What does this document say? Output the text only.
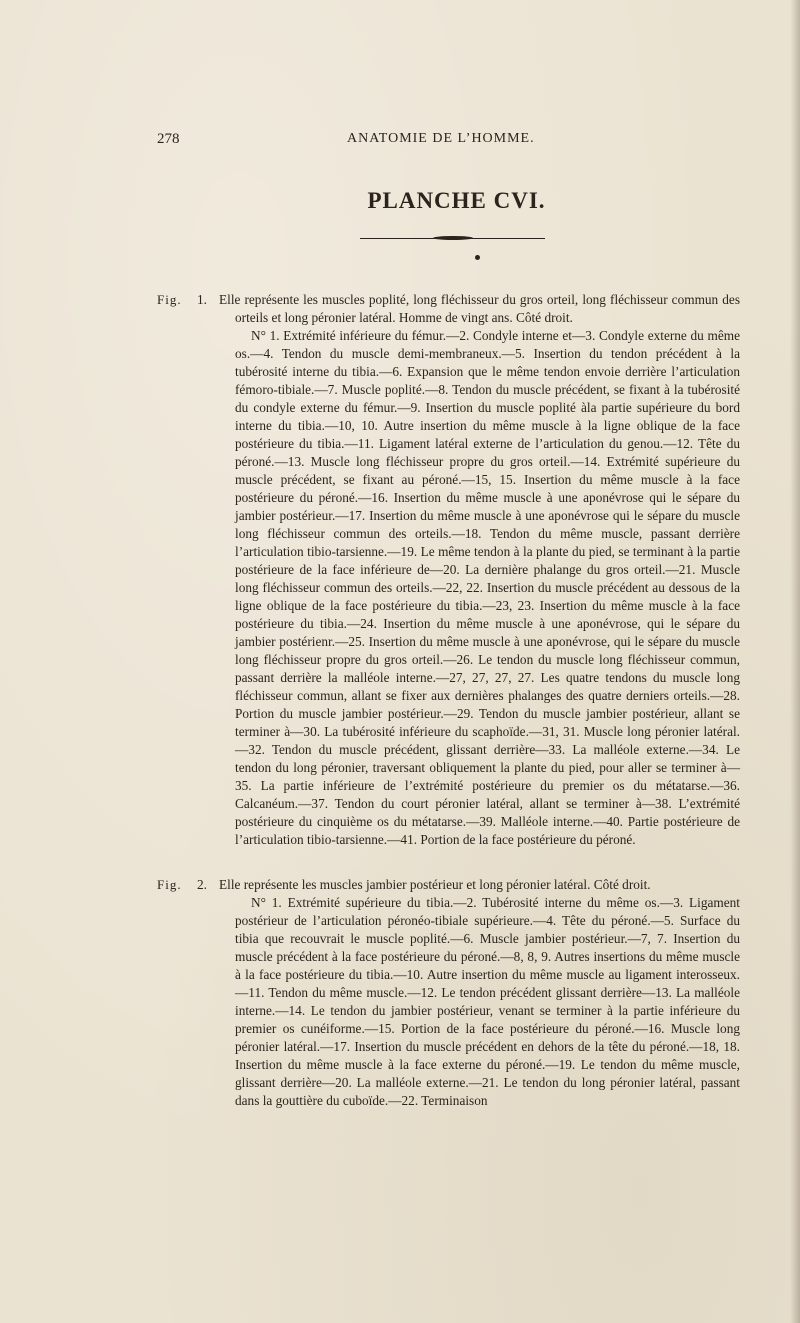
278	ANATOMIE DE L’HOMME.
PLANCHE CVI.
Fig. 1. Elle représente les muscles poplité, long fléchisseur du gros orteil, long fléchisseur commun des orteils et long péronier latéral. Homme de vingt ans. Côté droit.
N° 1. Extrémité inférieure du fémur.—2. Condyle interne et—3. Condyle externe du même os.—4. Tendon du muscle demi-membraneux.—5. Insertion du tendon précédent à la tubérosité interne du tibia.—6. Expansion que le même tendon envoie derrière l’articulation fémoro-tibiale.—7. Muscle poplité.—8. Tendon du muscle précédent, se fixant à la tubérosité du condyle externe du fémur.—9. Insertion du muscle poplité àla partie supérieure du bord interne du tibia.—10, 10. Autre insertion du même muscle à la ligne oblique de la face postérieure du tibia.—11. Ligament latéral externe de l’articulation du genou.—12. Tête du péroné.—13. Muscle long fléchisseur propre du gros orteil.—14. Extrémité supérieure du muscle précédent, se fixant au péroné.—15, 15. Insertion du même muscle à la face postérieure du péroné.—16. Insertion du même muscle à une aponévrose qui le sépare du jambier postérieur.—17. Insertion du même muscle à une aponévrose qui le sépare du muscle long fléchisseur commun des orteils.—18. Tendon du même muscle, passant derrière l’articulation tibio-tarsienne.—19. Le même tendon à la plante du pied, se terminant à la partie postérieure de la face inférieure de—20. La dernière phalange du gros orteil.—21. Muscle long fléchisseur commun des orteils.—22, 22. Insertion du muscle précédent au dessous de la ligne oblique de la face postérieure du tibia.—23, 23. Insertion du même muscle à la face postérieure du tibia.—24. Insertion du même muscle à une aponévrose, qui le sépare du jambier postérienr.—25. Insertion du même muscle à une aponévrose, qui le sépare du muscle long fléchisseur propre du gros orteil.—26. Le tendon du muscle long fléchisseur commun, passant derrière la malléole interne.—27, 27, 27, 27. Les quatre tendons du muscle long fléchisseur commun, allant se fixer aux dernières phalanges des quatre derniers orteils.—28. Portion du muscle jambier postérieur.—29. Tendon du muscle jambier postérieur, allant se terminer à—30. La tubérosité inférieure du scaphoïde.—31, 31. Muscle long péronier latéral.—32. Tendon du muscle précédent, glissant derrière—33. La malléole externe.—34. Le tendon du long péronier, traversant obliquement la plante du pied, pour aller se terminer à—35. La partie inférieure de l’extrémité postérieure du premier os du métatarse.—36. Calcanéum.—37. Tendon du court péronier latéral, allant se terminer à—38. L’extrémité postérieure du cinquième os du métatarse.—39. Malléole interne.—40. Partie postérieure de l’articulation tibio-tarsienne.—41. Portion de la face postérieure du péroné.
Fig. 2. Elle représente les muscles jambier postérieur et long péronier latéral. Côté droit.
N° 1. Extrémité supérieure du tibia.—2. Tubérosité interne du même os.—3. Ligament postérieur de l’articulation péronéo-tibiale supérieure.—4. Tête du péroné.—5. Surface du tibia que recouvrait le muscle poplité.—6. Muscle jambier postérieur.—7, 7. Insertion du muscle précédent à la face postérieure du péroné.—8, 8, 9. Autres insertions du même muscle à la face postérieure du tibia.—10. Autre insertion du même muscle au ligament interosseux.—11. Tendon du même muscle.—12. Le tendon précédent glissant derrière—13. La malléole interne.—14. Le tendon du jambier postérieur, venant se terminer à la partie inférieure du premier os cunéiforme.—15. Portion de la face postérieure du péroné.—16. Muscle long péronier latéral.—17. Insertion du muscle précédent en dehors de la tête du péroné.—18, 18. Insertion du même muscle à la face externe du péroné.—19. Le tendon du même muscle, glissant derrière—20. La malléole externe.—21. Le tendon du long péronier latéral, passant dans la gouttière du cuboïde.—22. Terminaison
